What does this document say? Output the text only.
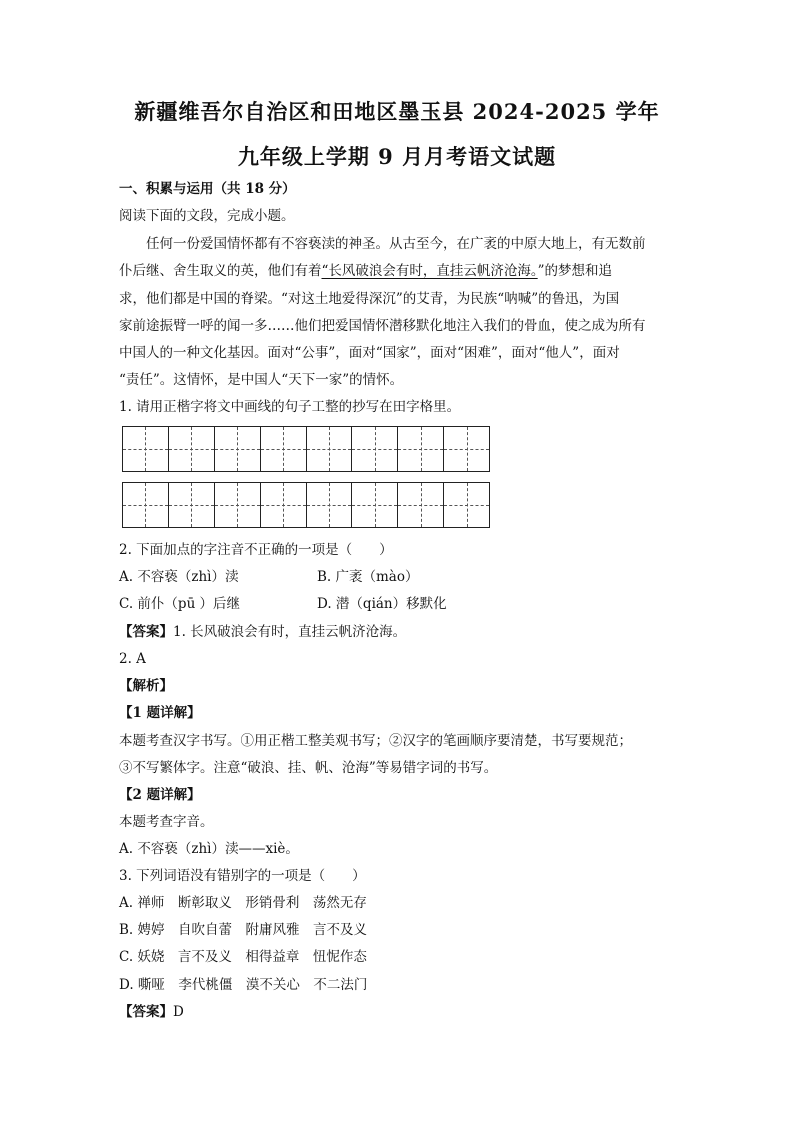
新疆维吾尔自治区和田地区墨玉县 2024-2025 学年
九年级上学期 9 月月考语文试题
一、积累与运用（共 18 分）
阅读下面的文段，完成小题。
任何一份爱国情怀都有不容亵渎的神圣。从古至今，在广袤的中原大地上，有无数前
仆后继、舍生取义的英，他们有着“长风破浪会有时，直挂云帆济沧海。”的梦想和追
求，他们都是中国的脊梁。“对这土地爱得深沉”的艾青，为民族“呐喊”的鲁迅，为国
家前途振臂一呼的闻一多……他们把爱国情怀潜移默化地注入我们的骨血，使之成为所有
中国人的一种文化基因。面对“公事”，面对“国家”，面对“困难”，面对“他人”，面对
“责任”。这情怀，是中国人“天下一家”的情怀。
1. 请用正楷字将文中画线的句子工整的抄写在田字格里。
2. 下面加点的字注音不正确的一项是（　　）
A. 不容亵（zhì）渎	B. 广袤（mào）
C. 前仆（pū ）后继	D. 潜（qián）移默化
【答案】1. 长风破浪会有时，直挂云帆济沧海。
2. A
【解析】
【1 题详解】
本题考查汉字书写。①用正楷工整美观书写；②汉字的笔画顺序要清楚，书写要规范；
③不写繁体字。注意“破浪、挂、帆、沧海”等易错字词的书写。
【2 题详解】
本题考查字音。
A. 不容亵（zhì）渎——xiè。
3. 下列词语没有错别字的一项是（　　）
A. 禅师　断彰取义　形销骨利　荡然无存
B. 娉婷　自吹自蕾　附庸风雅　言不及义
C. 妖娆　言不及义　相得益章　忸怩作态
D. 嘶哑　李代桃僵　漠不关心　不二法门
【答案】D
